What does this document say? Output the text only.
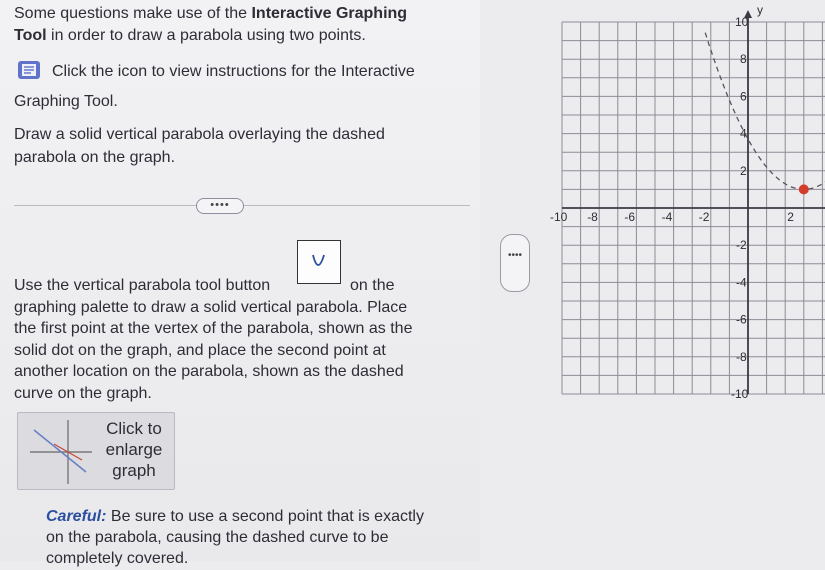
Some questions make use of the Interactive Graphing
Tool in order to draw a parabola using two points.
Click the icon to view instructions for the Interactive
Graphing Tool.
Draw a solid vertical parabola overlaying the dashed
parabola on the graph.
••••
Use the vertical parabola tool button	on the
graphing palette to draw a solid vertical parabola. Place
the first point at the vertex of the parabola, shown as the
solid dot on the graph, and place the second point at
another location on the parabola, shown as the dashed
curve on the graph.
Click to
enlarge
graph
Careful: Be sure to use a second point that is exactly
on the parabola, causing the dashed curve to be
completely covered.
••••
-10 -8 -6 -4 -2	2
10
8
6
4
2
-2
-4
-6
-8
-10
y
